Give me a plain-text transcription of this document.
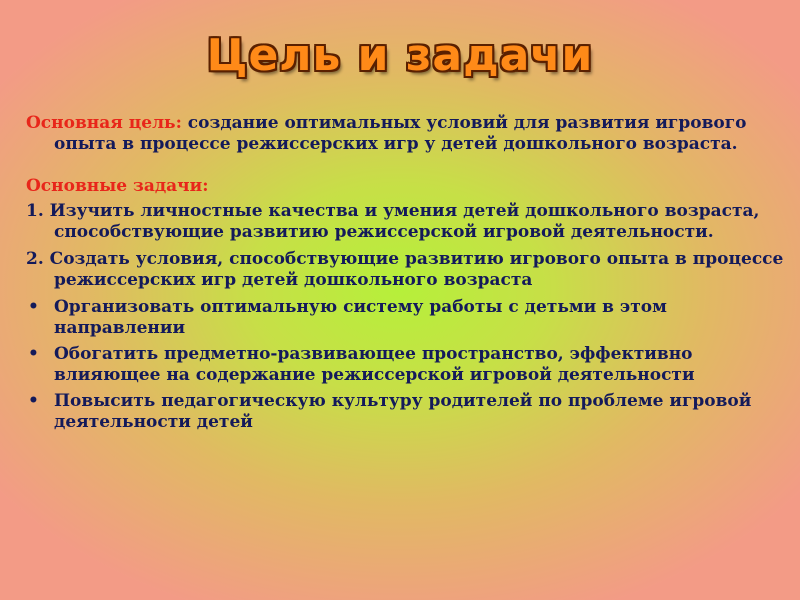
Цель и задачи

Основная цель: создание оптимальных условий для развития игрового опыта в процессе режиссерских игр у детей дошкольного возраста.

Основные задачи:

1. Изучить личностные качества и умения детей дошкольного возраста, способствующие развитию режиссерской игровой деятельности.

2. Создать условия, способствующие развитию игрового опыта в процессе режиссерских игр детей дошкольного возраста

• Организовать оптимальную систему работы с детьми в этом направлении
• Обогатить предметно-развивающее пространство, эффективно влияющее на содержание режиссерской игровой деятельности
• Повысить педагогическую культуру родителей по проблеме игровой деятельности детей
